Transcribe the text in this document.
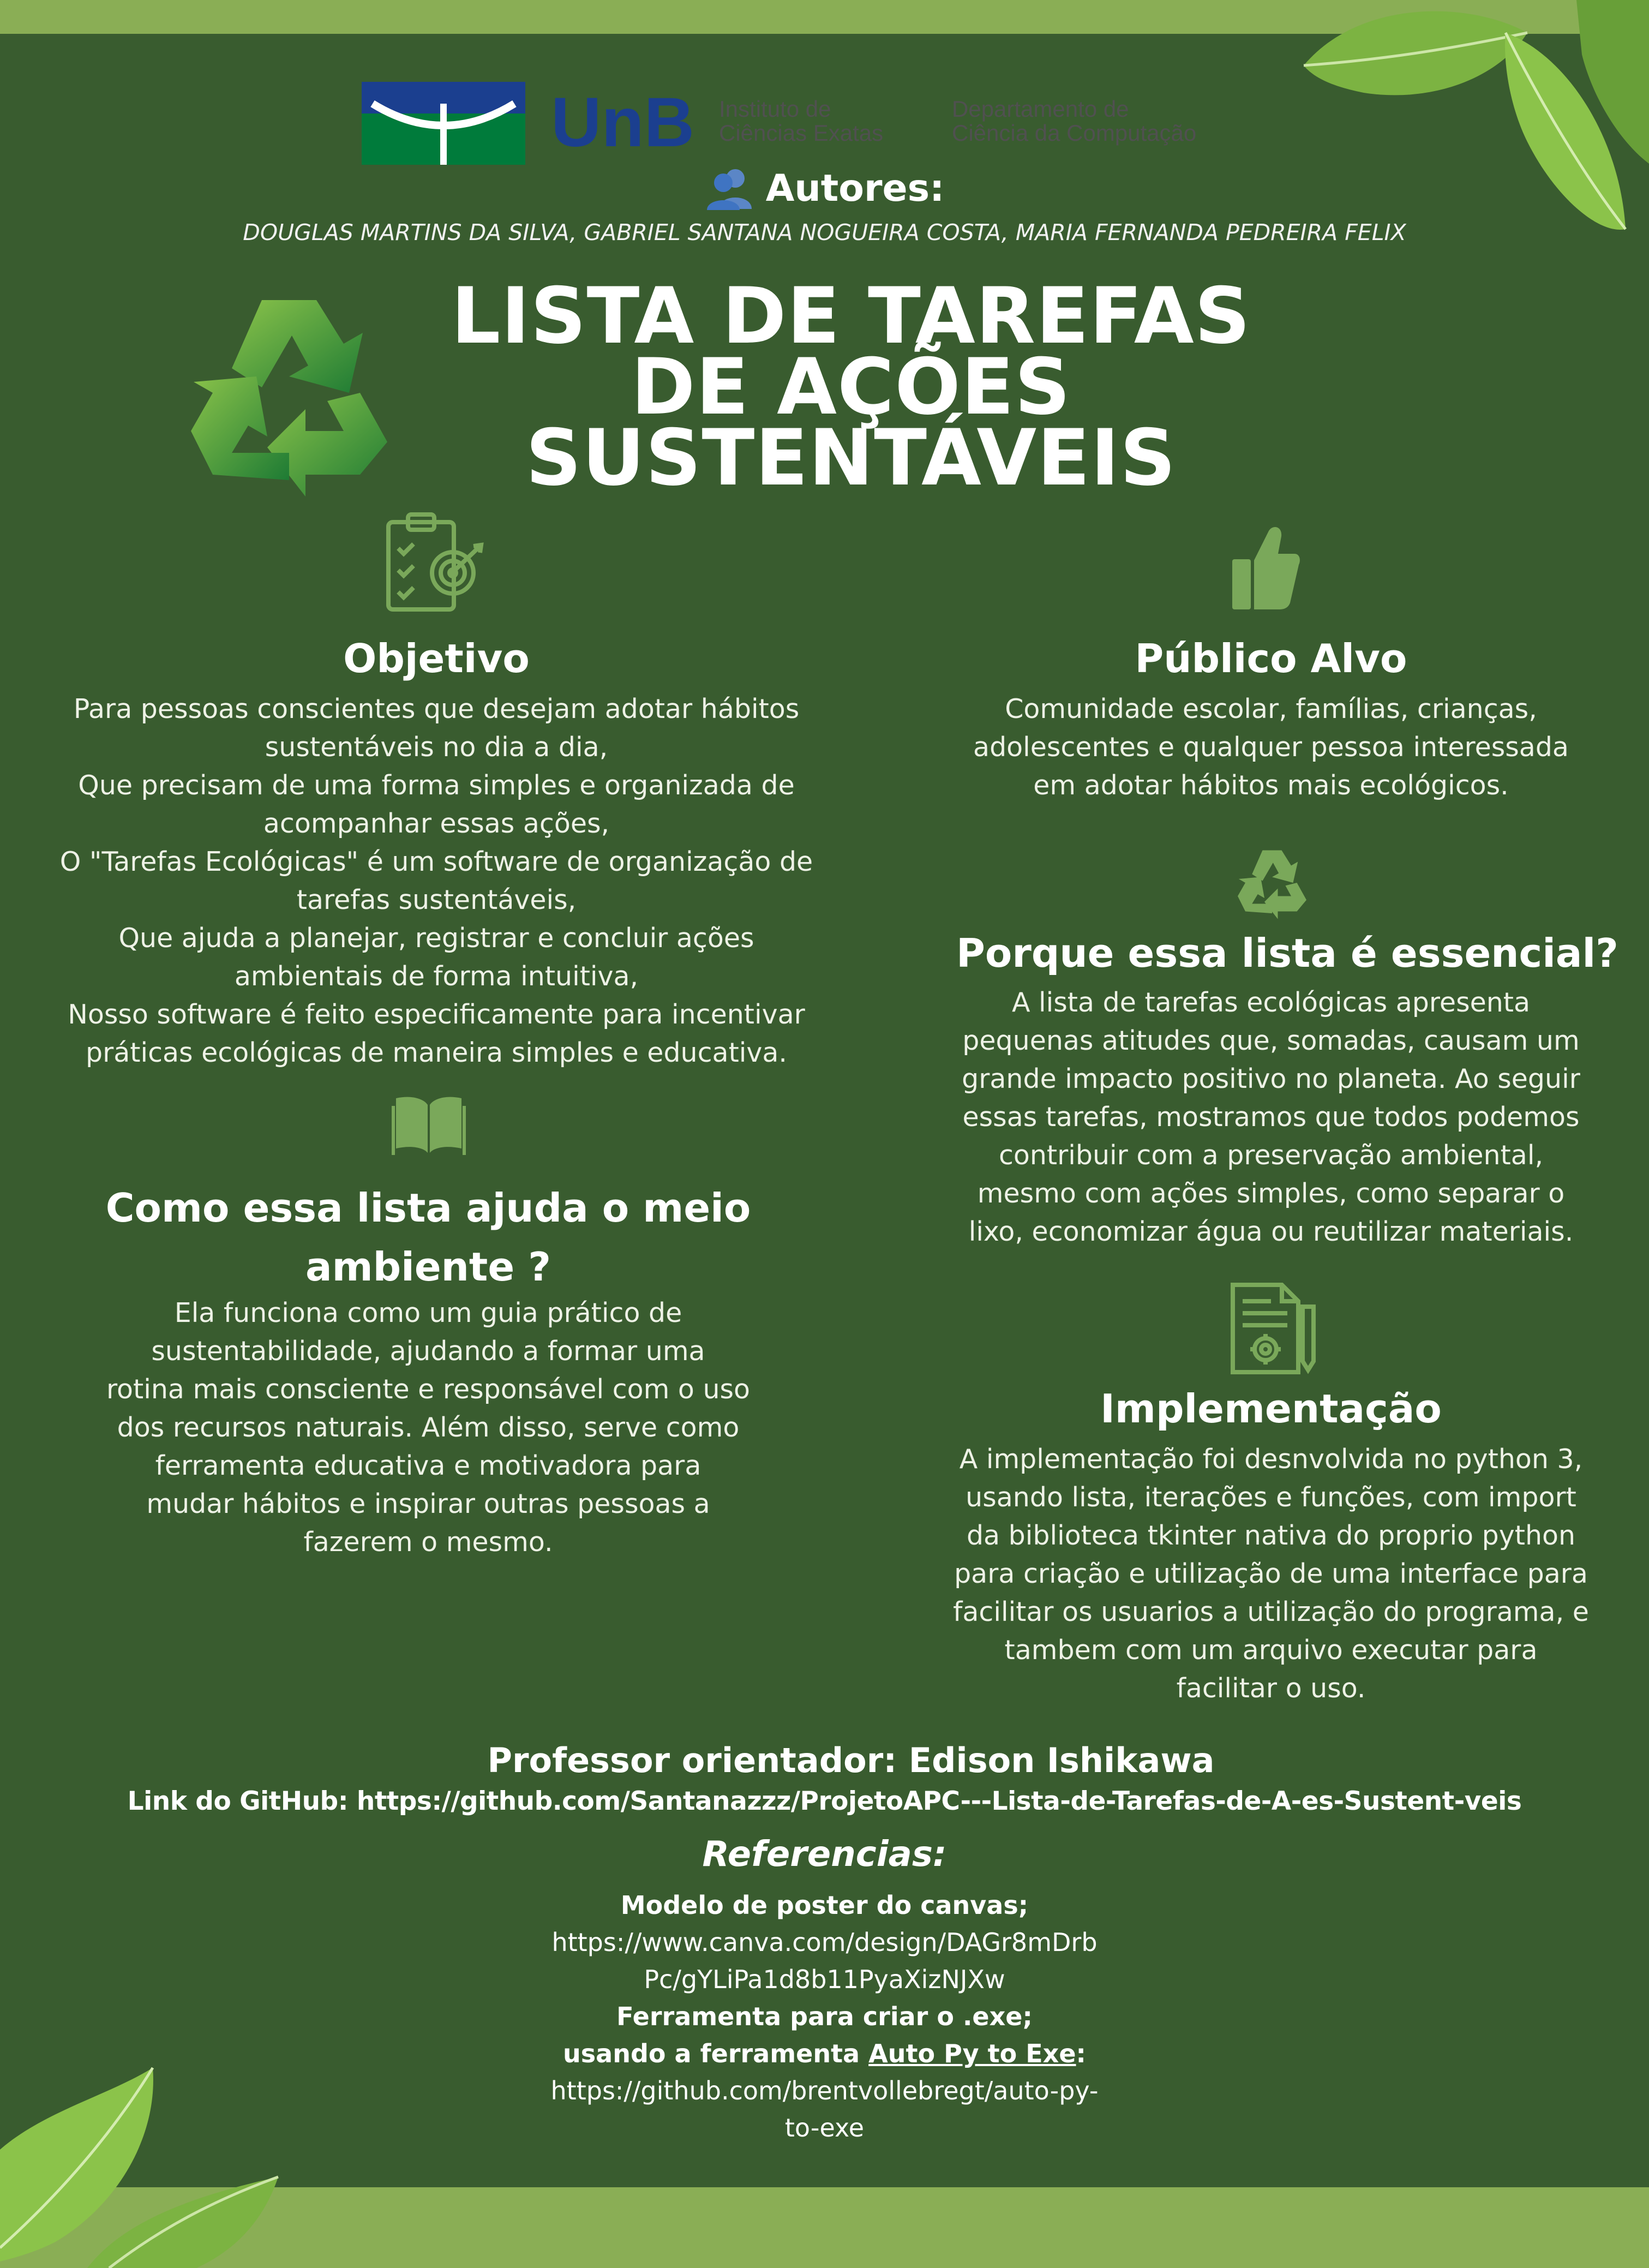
UnB Instituto de
Ciências Exatas
Departamento de
Ciência da Computação
Autores:
DOUGLAS MARTINS DA SILVA, GABRIEL SANTANA NOGUEIRA COSTA, MARIA FERNANDA PEDREIRA FELIX
LISTA DE TAREFAS
DE AÇÕES
SUSTENTÁVEIS
Objetivo
Para pessoas conscientes que desejam adotar hábitos
sustentáveis no dia a dia,
Que precisam de uma forma simples e organizada de
acompanhar essas ações,
O "Tarefas Ecológicas" é um software de organização de
tarefas sustentáveis,
Que ajuda a planejar, registrar e concluir ações
ambientais de forma intuitiva,
Nosso software é feito especificamente para incentivar
práticas ecológicas de maneira simples e educativa.
Como essa lista ajuda o meio
ambiente ?
Ela funciona como um guia prático de
sustentabilidade, ajudando a formar uma
rotina mais consciente e responsável com o uso
dos recursos naturais. Além disso, serve como
ferramenta educativa e motivadora para
mudar hábitos e inspirar outras pessoas a
fazerem o mesmo.
Público Alvo
Comunidade escolar, famílias, crianças,
adolescentes e qualquer pessoa interessada
em adotar hábitos mais ecológicos.
Porque essa lista é essencial?
A lista de tarefas ecológicas apresenta
pequenas atitudes que, somadas, causam um
grande impacto positivo no planeta. Ao seguir
essas tarefas, mostramos que todos podemos
contribuir com a preservação ambiental,
mesmo com ações simples, como separar o
lixo, economizar água ou reutilizar materiais.
Implementação
A implementação foi desnvolvida no python 3,
usando lista, iterações e funções, com import
da biblioteca tkinter nativa do proprio python
para criação e utilização de uma interface para
facilitar os usuarios a utilização do programa, e
tambem com um arquivo executar para
facilitar o uso.
Professor orientador: Edison Ishikawa
Link do GitHub: https://github.com/Santanazzz/ProjetoAPC---Lista-de-Tarefas-de-A-es-Sustent-veis
Referencias:
Modelo de poster do canvas;
https://www.canva.com/design/DAGr8mDrb
Pc/gYLiPa1d8b11PyaXizNJXw
Ferramenta para criar o .exe;
usando a ferramenta Auto Py to Exe:
https://github.com/brentvollebregt/auto-py-
to-exe
